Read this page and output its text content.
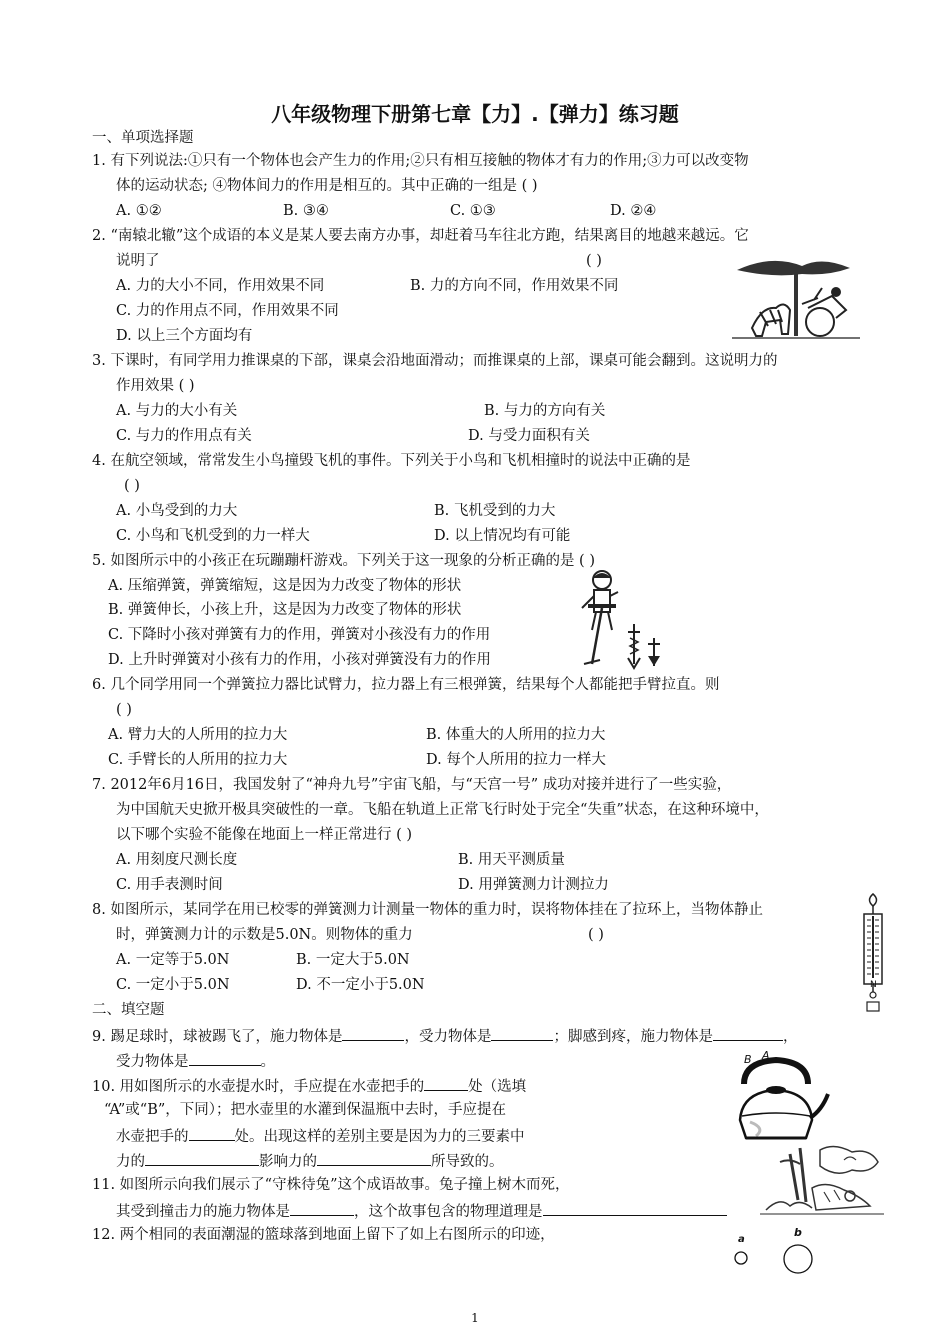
八年级物理下册第七章【力】.【弹力】练习题
一、单项选择题
1. 有下列说法:①只有一个物体也会产生力的作用;②只有相互接触的物体才有力的作用;③力可以改变物
体的运动状态; ④物体间力的作用是相互的。其中正确的一组是 ( )
A. ①②	B. ③④	C. ①③	D. ②④
2. “南辕北辙”这个成语的本义是某人要去南方办事，却赶着马车往北方跑，结果离目的地越来越远。它
说明了	( )
A. 力的大小不同，作用效果不同	B. 力的方向不同，作用效果不同
C. 力的作用点不同，作用效果不同
D. 以上三个方面均有
3. 下课时，有同学用力推课桌的下部，课桌会沿地面滑动；而推课桌的上部，课桌可能会翻到。这说明力的
作用效果 ( )
A. 与力的大小有关	B. 与力的方向有关
C. 与力的作用点有关	D. 与受力面积有关
4. 在航空领域，常常发生小鸟撞毁飞机的事件。下列关于小鸟和飞机相撞时的说法中正确的是
( )
A. 小鸟受到的力大	B. 飞机受到的力大
C. 小鸟和飞机受到的力一样大	D. 以上情况均有可能
5. 如图所示中的小孩正在玩蹦蹦杆游戏。下列关于这一现象的分析正确的是 ( )
A. 压缩弹簧，弹簧缩短，这是因为力改变了物体的形状
B. 弹簧伸长，小孩上升，这是因为力改变了物体的形状
C. 下降时小孩对弹簧有力的作用，弹簧对小孩没有力的作用
D. 上升时弹簧对小孩有力的作用，小孩对弹簧没有力的作用
6. 几个同学用同一个弹簧拉力器比试臂力，拉力器上有三根弹簧，结果每个人都能把手臂拉直。则
( )
A. 臂力大的人所用的拉力大	B. 体重大的人所用的拉力大
C. 手臂长的人所用的拉力大	D. 每个人所用的拉力一样大
7. 2012年6月16日，我国发射了“神舟九号”宇宙飞船，与“天宫一号” 成功对接并进行了一些实验，
为中国航天史掀开极具突破性的一章。飞船在轨道上正常飞行时处于完全“失重”状态，在这种环境中，
以下哪个实验不能像在地面上一样正常进行 ( )
A. 用刻度尺测长度	B. 用天平测质量
C. 用手表测时间	D. 用弹簧测力计测拉力
8. 如图所示，某同学在用已校零的弹簧测力计测量一物体的重力时，误将物体挂在了拉环上，当物体静止
时，弹簧测力计的示数是5.0N。则物体的重力	( )
A. 一定等于5.0N	B. 一定大于5.0N
C. 一定小于5.0N	D. 不一定小于5.0N	N
二、填空题
9. 踢足球时，球被踢飞了，施力物体是	，受力物体是	；脚感到疼，施力物体是	，
受力物体是	。
10. 用如图所示的水壶提水时，手应提在水壶把手的	处（选填
“A”或“B”，下同）；把水壶里的水灌到保温瓶中去时，手应提在
水壶把手的	处。出现这样的差别主要是因为力的三要素中
力的	影响力的	所导致的。
B A
11. 如图所示向我们展示了“守株待兔”这个成语故事。兔子撞上树木而死，
其受到撞击力的施力物体是	，这个故事包含的物理道理是
12. 两个相同的表面潮湿的篮球落到地面上留下了如上右图所示的印迹，	a
b
1
